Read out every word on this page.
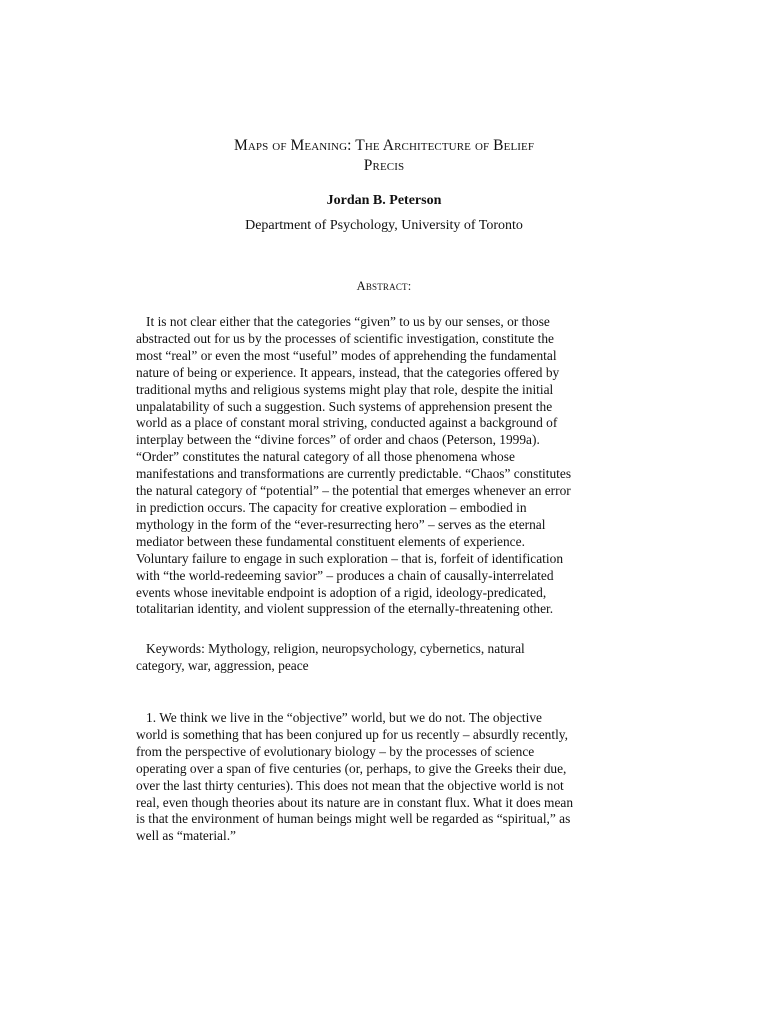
Maps of Meaning: The Architecture of Belief
Precis
Jordan B. Peterson
Department of Psychology, University of Toronto
Abstract:
It is not clear either that the categories “given” to us by our senses, or those
abstracted out for us by the processes of scientific investigation, constitute the
most “real” or even the most “useful” modes of apprehending the fundamental
nature of being or experience. It appears, instead, that the categories offered by
traditional myths and religious systems might play that role, despite the initial
unpalatability of such a suggestion. Such systems of apprehension present the
world as a place of constant moral striving, conducted against a background of
interplay between the “divine forces” of order and chaos (Peterson, 1999a).
“Order” constitutes the natural category of all those phenomena whose
manifestations and transformations are currently predictable. “Chaos” constitutes
the natural category of “potential” – the potential that emerges whenever an error
in prediction occurs. The capacity for creative exploration – embodied in
mythology in the form of the “ever-resurrecting hero” – serves as the eternal
mediator between these fundamental constituent elements of experience.
Voluntary failure to engage in such exploration – that is, forfeit of identification
with “the world-redeeming savior” – produces a chain of causally-interrelated
events whose inevitable endpoint is adoption of a rigid, ideology-predicated,
totalitarian identity, and violent suppression of the eternally-threatening other.
Keywords: Mythology, religion, neuropsychology, cybernetics, natural
category, war, aggression, peace
1. We think we live in the “objective” world, but we do not. The objective
world is something that has been conjured up for us recently – absurdly recently,
from the perspective of evolutionary biology – by the processes of science
operating over a span of five centuries (or, perhaps, to give the Greeks their due,
over the last thirty centuries). This does not mean that the objective world is not
real, even though theories about its nature are in constant flux. What it does mean
is that the environment of human beings might well be regarded as “spiritual,” as
well as “material.”
